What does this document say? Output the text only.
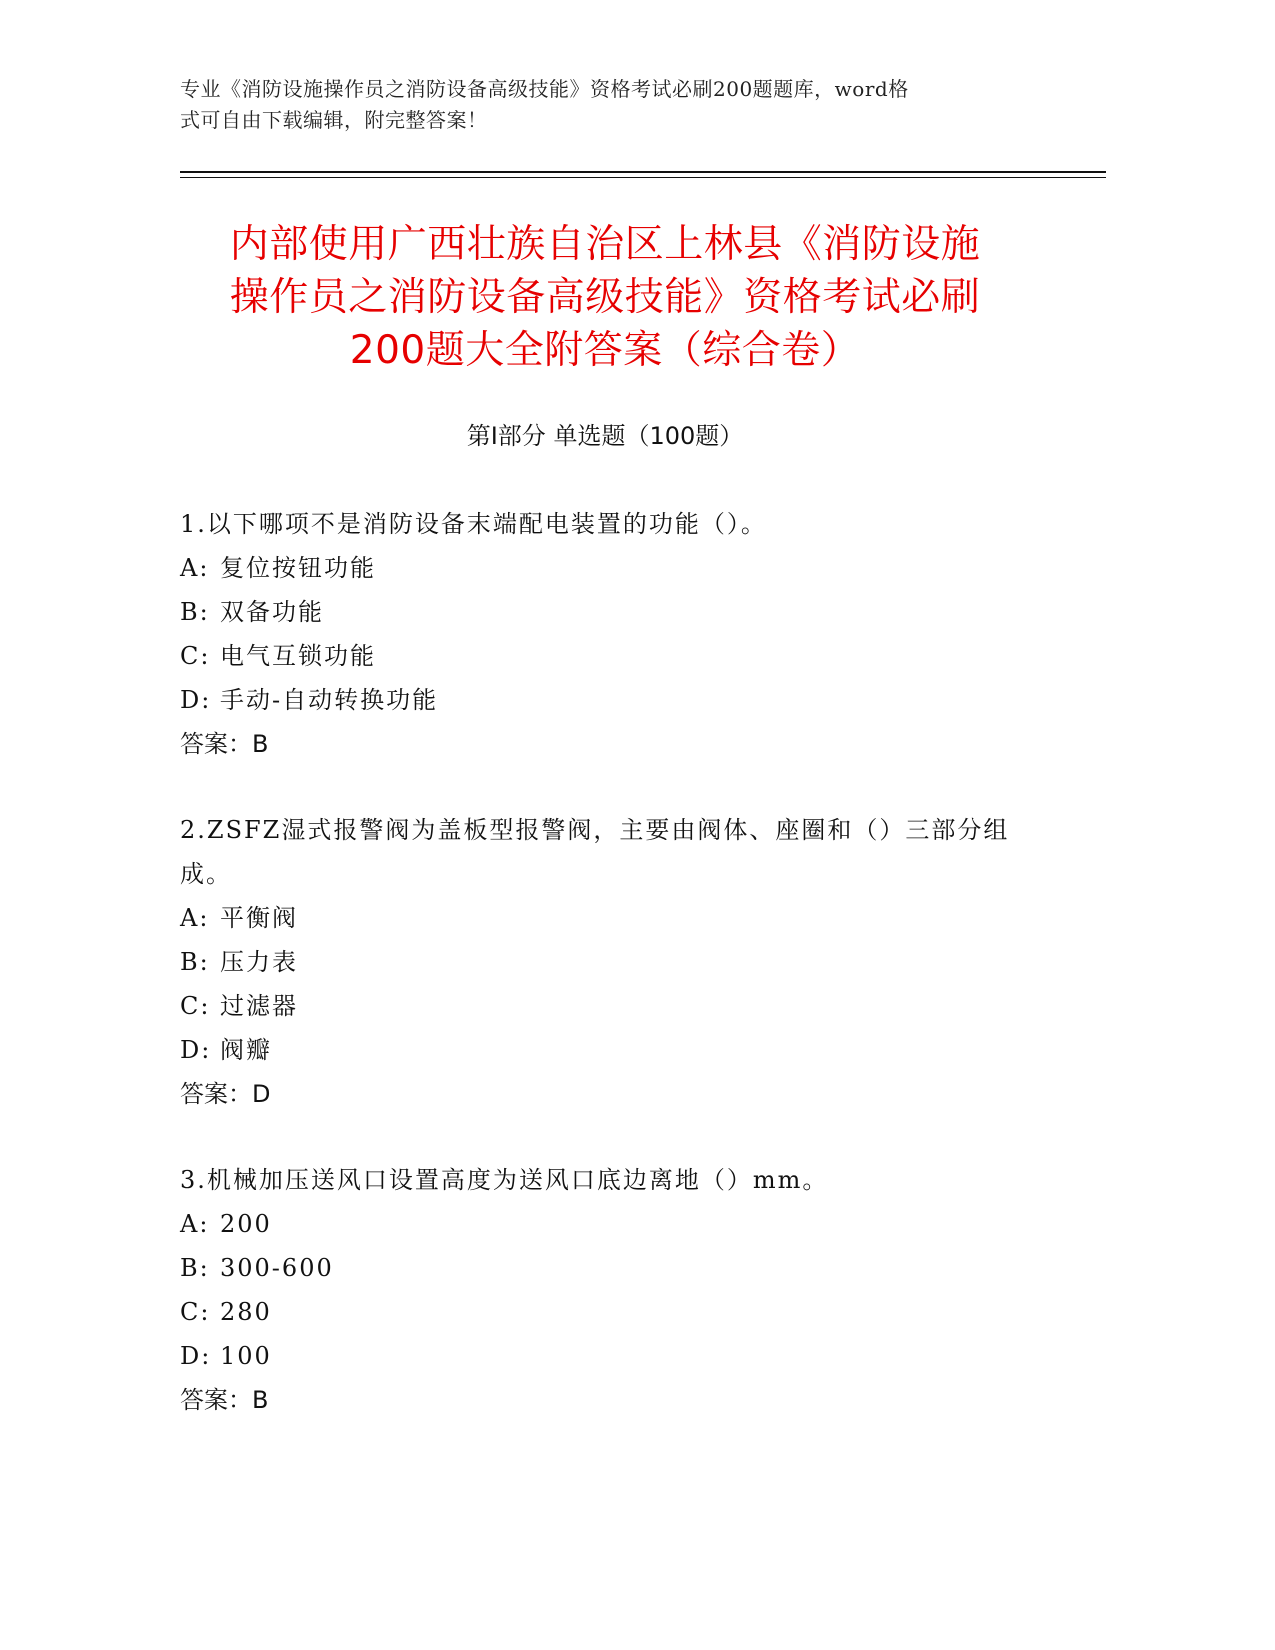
专业《消防设施操作员之消防设备高级技能》资格考试必刷200题题库，word格
式可自由下载编辑，附完整答案！
内部使用广西壮族自治区上林县《消防设施
操作员之消防设备高级技能》资格考试必刷
200题大全附答案（综合卷）
第Ⅰ部分 单选题（100题）
1.以下哪项不是消防设备末端配电装置的功能（）。
A: 复位按钮功能
B: 双备功能
C: 电气互锁功能
D: 手动-自动转换功能
答案：B
2.ZSFZ湿式报警阀为盖板型报警阀，主要由阀体、座圈和（）三部分组成。
A: 平衡阀
B: 压力表
C: 过滤器
D: 阀瓣
答案：D
3.机械加压送风口设置高度为送风口底边离地（）mm。
A: 200
B: 300-600
C: 280
D: 100
答案：B
